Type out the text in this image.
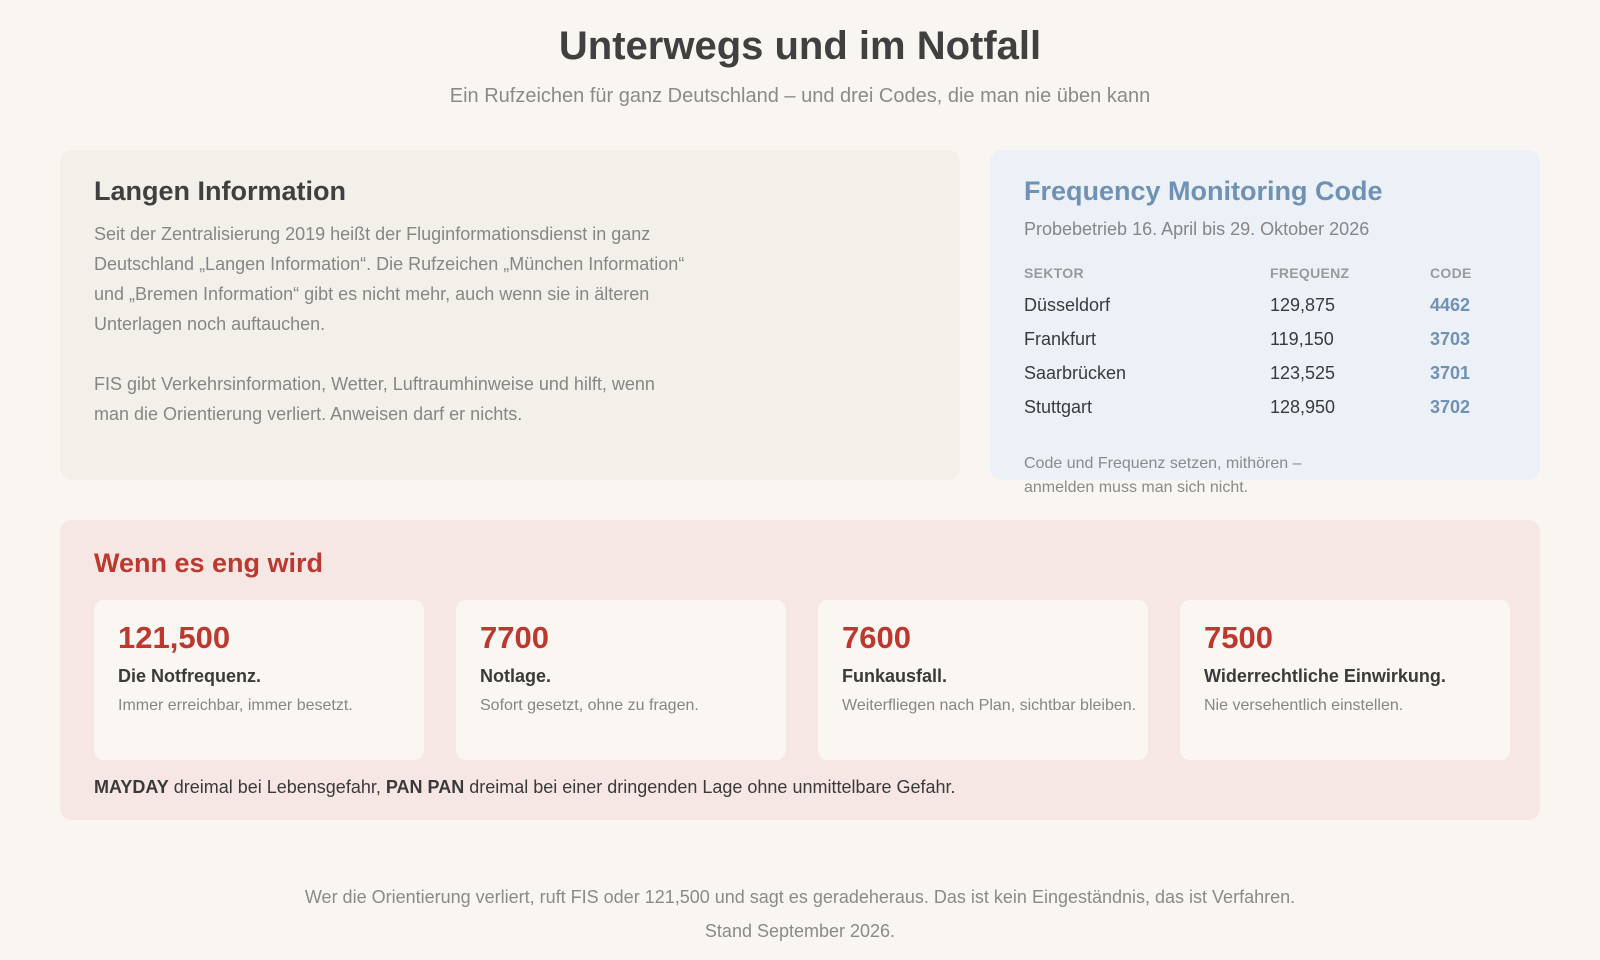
Unterwegs und im Notfall
Ein Rufzeichen für ganz Deutschland – und drei Codes, die man nie üben kann
Langen Information

Seit der Zentralisierung 2019 heißt der Fluginformationsdienst in ganz Deutschland „Langen Information“. Die Rufzeichen „München Information“ und „Bremen Information“ gibt es nicht mehr, auch wenn sie in älteren Unterlagen noch auftauchen.

FIS gibt Verkehrsinformation, Wetter, Luftraumhinweise und hilft, wenn man die Orientierung verliert. Anweisen darf er nichts.

Frequency Monitoring Code
Probebetrieb 16. April bis 29. Oktober 2026
SEKTOR	FREQUENZ	CODE
Düsseldorf	129,875	4462
Frankfurt	119,150	3703
Saarbrücken	123,525	3701
Stuttgart	128,950	3702
Code und Frequenz setzen, mithören – anmelden muss man sich nicht.
Wenn es eng wird
121,500
Die Notfrequenz.
Immer erreichbar, immer besetzt.
7700
Notlage.
Sofort gesetzt, ohne zu fragen.
7600
Funkausfall.
Weiterfliegen nach Plan, sichtbar bleiben.
7500
Widerrechtliche Einwirkung.
Nie versehentlich einstellen.
MAYDAY dreimal bei Lebensgefahr, PAN PAN dreimal bei einer dringenden Lage ohne unmittelbare Gefahr.
Wer die Orientierung verliert, ruft FIS oder 121,500 und sagt es geradeheraus. Das ist kein Eingeständnis, das ist Verfahren.
Stand September 2026.
